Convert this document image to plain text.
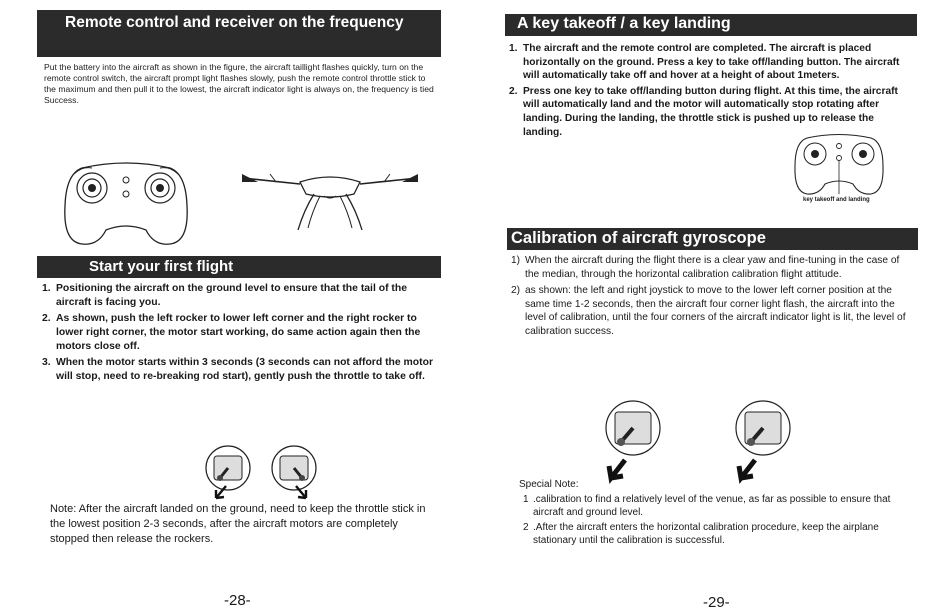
Remote control and receiver on the frequency
Put the battery into the aircraft as shown in the figure, the aircraft taillight flashes quickly, turn on the remote control switch, the aircraft prompt light flashes slowly, push the remote control throttle stick to the maximum and then pull it to the lowest, the aircraft indicator light is always on, the frequency is tied Success.
Start your first flight
1. Positioning the aircraft on the ground level to ensure that the tail of the aircraft is facing you.
2. As shown, push the left rocker to lower left corner and the right rocker to lower right corner, the motor start working, do same action again then the motors close off.
3. When the motor starts within 3 seconds (3 seconds can not afford the motor will stop, need to re-breaking rod start), gently push the throttle to take off.
Note: After the aircraft landed on the ground, need to keep the throttle stick in the lowest position 2-3 seconds, after the aircraft motors are completely stopped then release the rockers.
-28-
A key takeoff / a key landing
1. The aircraft and the remote control are completed. The aircraft is placed horizontally on the ground. Press a key to take off/landing button. The aircraft will automatically take off and hover at a height of about 1meters.
2. Press one key to take off/landing button during flight. At this time, the aircraft will automatically land and the motor will automatically stop rotating after landing. During the landing, the throttle stick is pushed up to release the landing.
key takeoff and landing
Calibration of aircraft gyroscope
1) When the aircraft during the flight there is a clear yaw and fine-tuning in the case of the median, through the horizontal calibration calibration flight attitude.
2) as shown: the left and right joystick to move to the lower left corner position at the same time 1-2 seconds, then the aircraft four corner light flash, the aircraft into the level of calibration, until the four corners of the aircraft indicator light is lit, the level of calibration success.
Special Note:
1 .calibration to find a relatively level of the venue, as far as possible to ensure that aircraft and ground level.
2 .After the aircraft enters the horizontal calibration procedure, keep the airplane stationary until the calibration is successful.
-29-
